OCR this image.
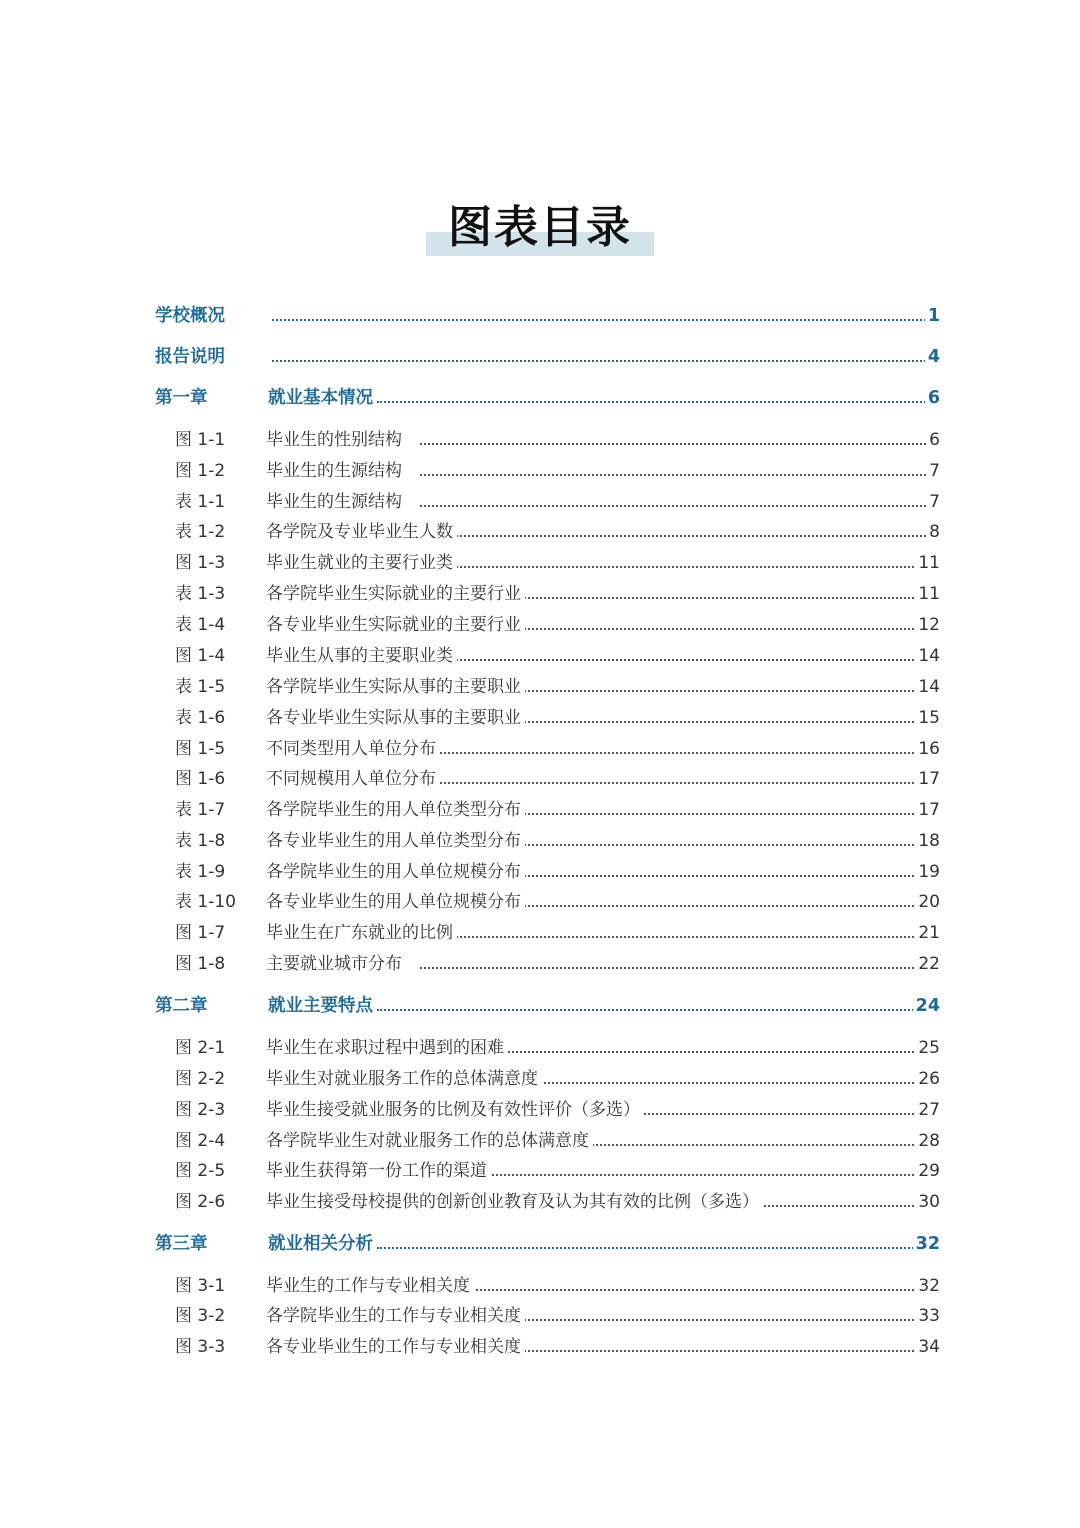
图表目录
学校概况	1
报告说明	4
第一章	就业基本情况	6
图 1-1 毕业生的性别结构	6
图 1-2 毕业生的生源结构	7
表 1-1 毕业生的生源结构	7
表 1-2 各学院及专业毕业生人数	8
图 1-3 毕业生就业的主要行业类	11
表 1-3 各学院毕业生实际就业的主要行业	11
表 1-4 各专业毕业生实际就业的主要行业	12
图 1-4 毕业生从事的主要职业类	14
表 1-5 各学院毕业生实际从事的主要职业	14
表 1-6 各专业毕业生实际从事的主要职业	15
图 1-5 不同类型用人单位分布	16
图 1-6 不同规模用人单位分布	17
表 1-7 各学院毕业生的用人单位类型分布	17
表 1-8 各专业毕业生的用人单位类型分布	18
表 1-9 各学院毕业生的用人单位规模分布	19
表 1-10 各专业毕业生的用人单位规模分布	20
图 1-7 毕业生在广东就业的比例	21
图 1-8 主要就业城市分布	22
第二章	就业主要特点	24
图 2-1 毕业生在求职过程中遇到的困难	25
图 2-2 毕业生对就业服务工作的总体满意度	26
图 2-3 毕业生接受就业服务的比例及有效性评价（多选）	27
图 2-4 各学院毕业生对就业服务工作的总体满意度	28
图 2-5 毕业生获得第一份工作的渠道	29
图 2-6 毕业生接受母校提供的创新创业教育及认为其有效的比例（多选）	30
第三章	就业相关分析	32
图 3-1 毕业生的工作与专业相关度	32
图 3-2 各学院毕业生的工作与专业相关度	33
图 3-3 各专业毕业生的工作与专业相关度	34
